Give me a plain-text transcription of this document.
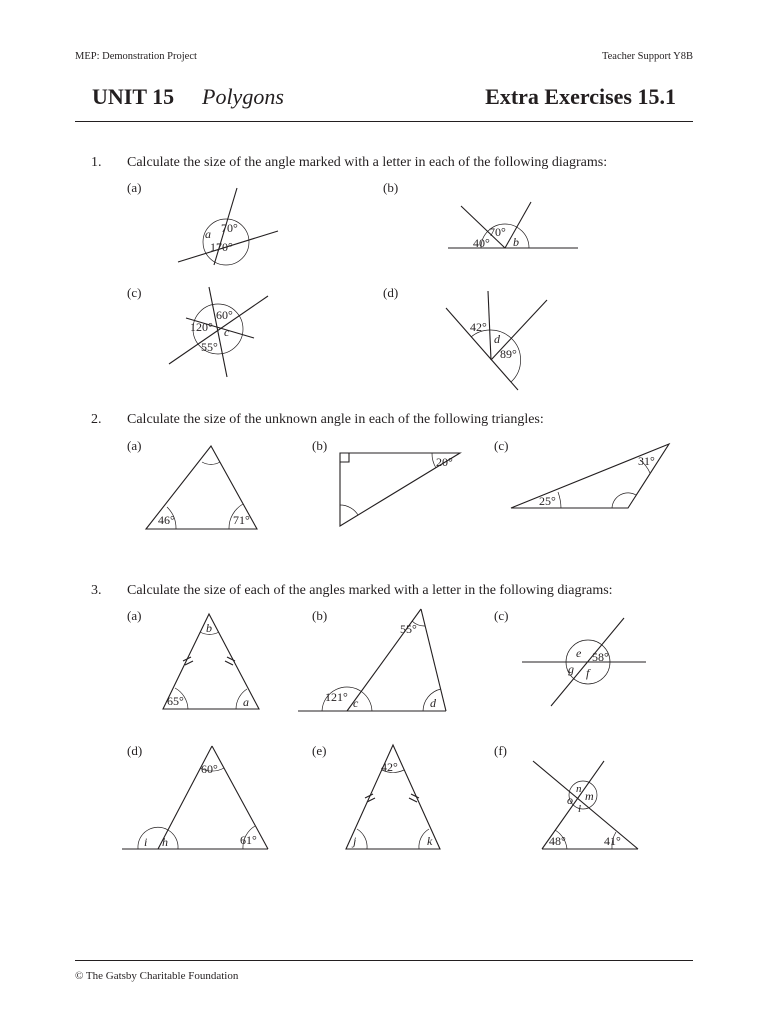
MEP: Demonstration Project	Teacher Support Y8B
UNIT 15 Polygons	Extra Exercises 15.1
1. Calculate the size of the angle marked with a letter in each of the following diagrams:
(a)	(b)
(c)	(d)
2. Calculate the size of the unknown angle in each of the following triangles:
(a)	(b)	(c)
3. Calculate the size of each of the angles marked with a letter in the following diagrams:
(a)	(b)	(c)
(d)	(e)	(f)
a 70°
170°
70°
40° b
60°
120° c
55°
42°
d
89°
46°	71°
20°	31°
25°
b
65°	a
55°
121° c	d
e 58°
g f
60°
i h	61°
42°
j	k
n
o m
l
48°	41°
© The Gatsby Charitable Foundation
